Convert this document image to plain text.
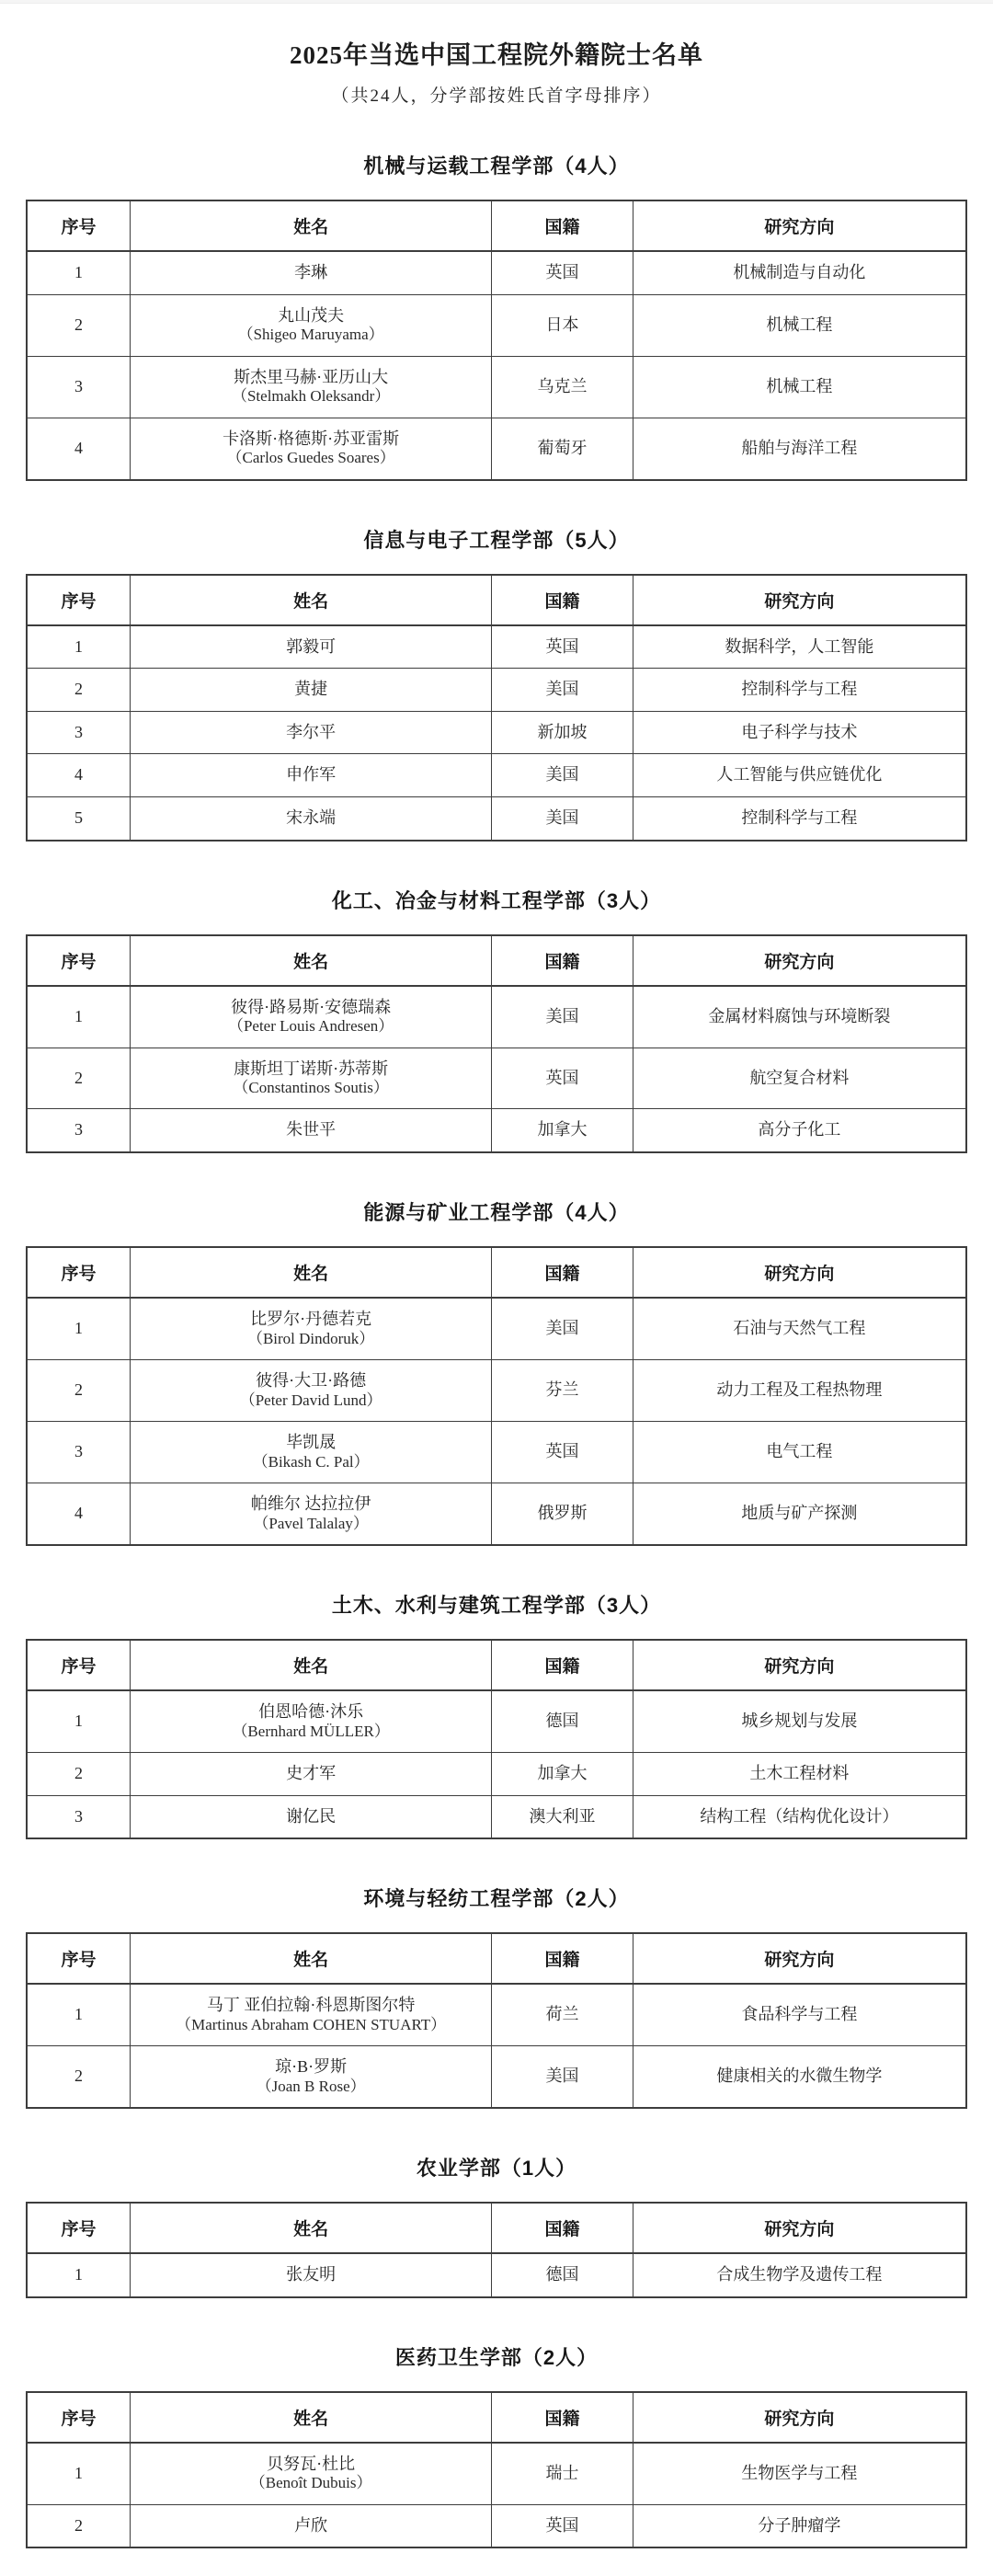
2025年当选中国工程院外籍院士名单

（共24人，分学部按姓氏首字母排序）

机械与运载工程学部（4人）
序号	姓名	国籍	研究方向
1	李琳	英国	机械制造与自动化
2	丸山茂夫
（Shigeo Maruyama）	日本	机械工程
3	斯杰里马赫·亚历山大
（Stelmakh Oleksandr）	乌克兰	机械工程
4	卡洛斯·格德斯·苏亚雷斯
（Carlos Guedes Soares）	葡萄牙	船舶与海洋工程
信息与电子工程学部（5人）
序号	姓名	国籍	研究方向
1	郭毅可	英国	数据科学，人工智能
2	黄捷	美国	控制科学与工程
3	李尔平	新加坡	电子科学与技术
4	申作军	美国	人工智能与供应链优化
5	宋永端	美国	控制科学与工程
化工、冶金与材料工程学部（3人）
序号	姓名	国籍	研究方向
1	彼得·路易斯·安德瑞森
（Peter Louis Andresen）	美国	金属材料腐蚀与环境断裂
2	康斯坦丁诺斯·苏蒂斯
（Constantinos Soutis）	英国	航空复合材料
3	朱世平	加拿大	高分子化工
能源与矿业工程学部（4人）
序号	姓名	国籍	研究方向
1	比罗尔·丹德若克
（Birol Dindoruk）	美国	石油与天然气工程
2	彼得·大卫·路德
（Peter David Lund）	芬兰	动力工程及工程热物理
3	毕凯晟
（Bikash C. Pal）	英国	电气工程
4	帕维尔 达拉拉伊
（Pavel Talalay）	俄罗斯	地质与矿产探测
土木、水利与建筑工程学部（3人）
序号	姓名	国籍	研究方向
1	伯恩哈德·沐乐
（Bernhard MÜLLER）	德国	城乡规划与发展
2	史才军	加拿大	土木工程材料
3	谢亿民	澳大利亚	结构工程（结构优化设计）
环境与轻纺工程学部（2人）
序号	姓名	国籍	研究方向
1	马丁 亚伯拉翰·科恩斯图尔特
（Martinus Abraham COHEN STUART）	荷兰	食品科学与工程
2	琼·B·罗斯
（Joan B Rose）	美国	健康相关的水微生物学
农业学部（1人）
序号	姓名	国籍	研究方向
1	张友明	德国	合成生物学及遗传工程
医药卫生学部（2人）
序号	姓名	国籍	研究方向
1	贝努瓦·杜比
（Benoît Dubuis）	瑞士	生物医学与工程
2	卢欣	英国	分子肿瘤学
